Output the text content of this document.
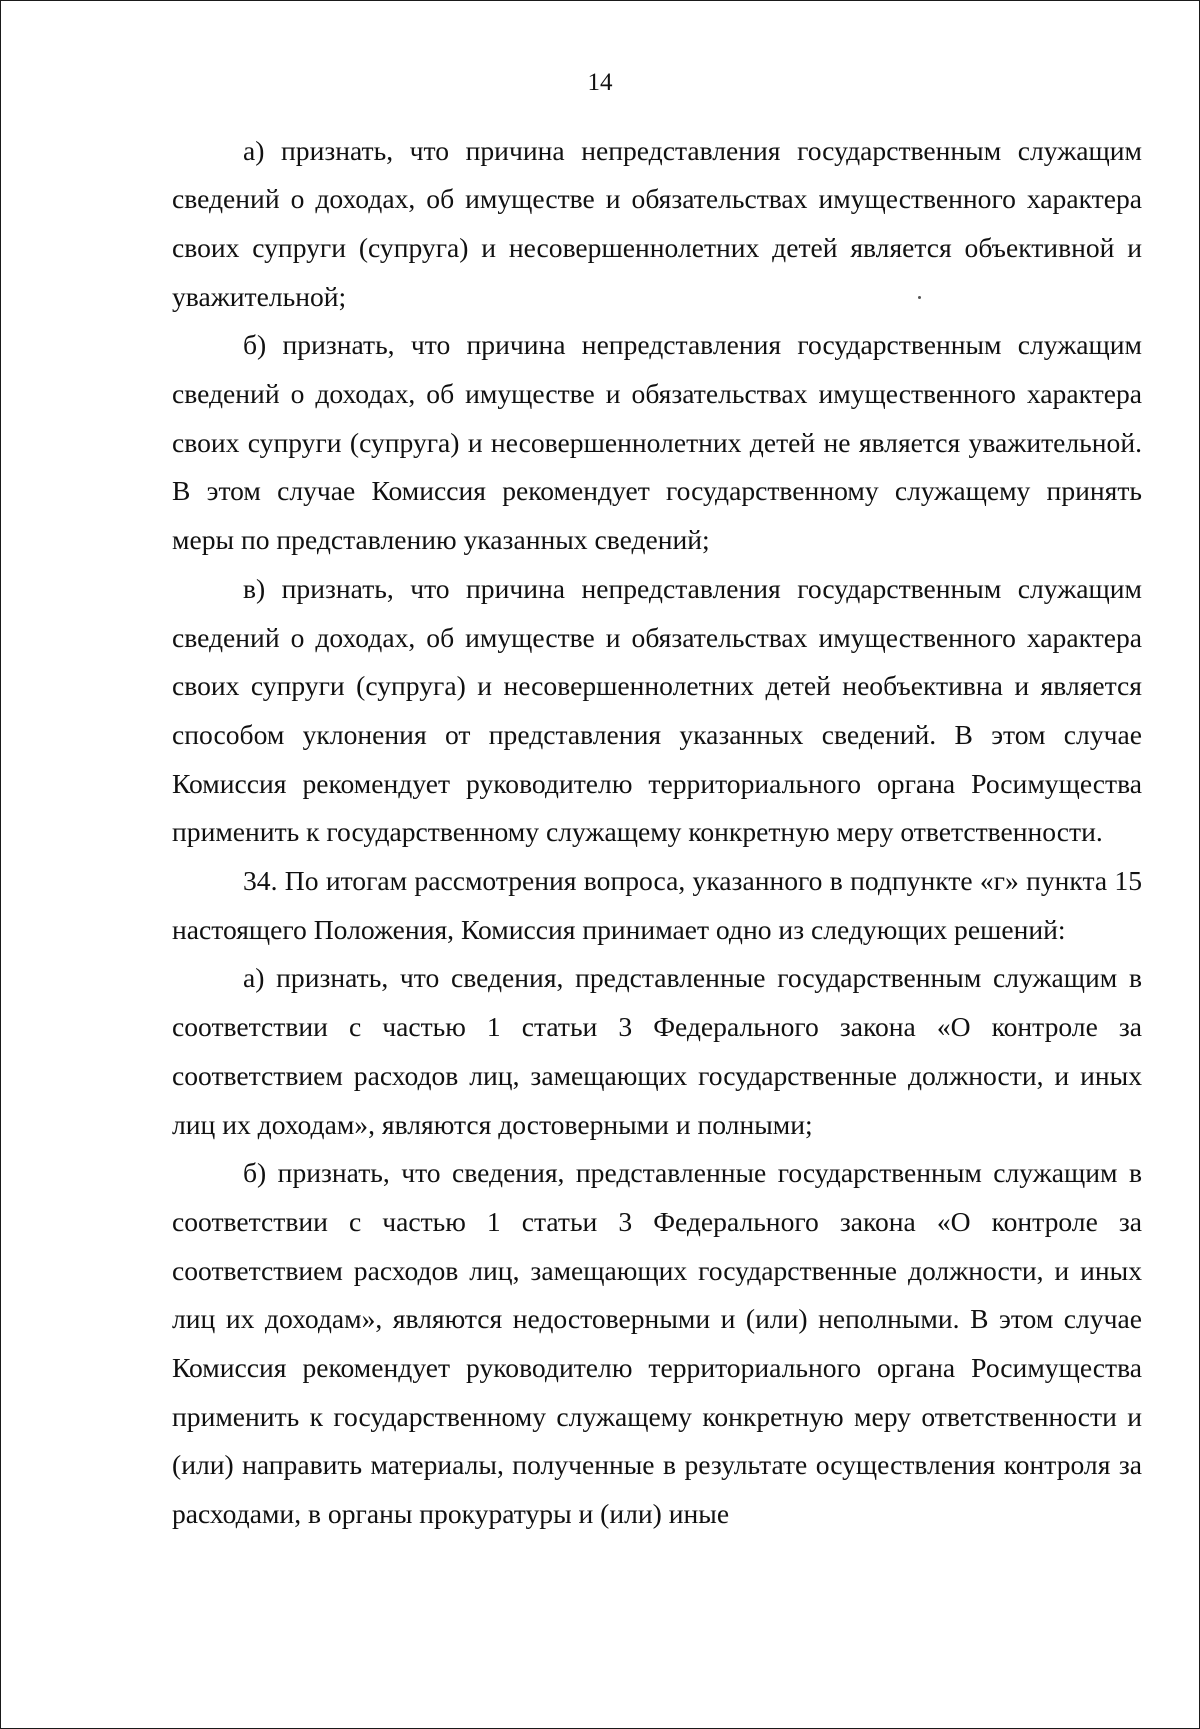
14

а) признать, что причина непредставления государственным служащим сведений о доходах, об имуществе и обязательствах имущественного характера своих супруги (супруга) и несовершеннолетних детей является объективной и уважительной;

б) признать, что причина непредставления государственным служащим сведений о доходах, об имуществе и обязательствах имущественного характера своих супруги (супруга) и несовершеннолетних детей не является уважительной. В этом случае Комиссия рекомендует государственному служащему принять меры по представлению указанных сведений;

в) признать, что причина непредставления государственным служащим сведений о доходах, об имуществе и обязательствах имущественного характера своих супруги (супруга) и несовершеннолетних детей необъективна и является способом уклонения от представления указанных сведений. В этом случае Комиссия рекомендует руководителю территориального органа Росимущества применить к государственному служащему конкретную меру ответственности.

34. По итогам рассмотрения вопроса, указанного в подпункте «г» пункта 15 настоящего Положения, Комиссия принимает одно из следующих решений:

а) признать, что сведения, представленные государственным служащим в соответствии с частью 1 статьи 3 Федерального закона «О контроле за соответствием расходов лиц, замещающих государственные должности, и иных лиц их доходам», являются достоверными и полными;

б) признать, что сведения, представленные государственным служащим в соответствии с частью 1 статьи 3 Федерального закона «О контроле за соответствием расходов лиц, замещающих государственные должности, и иных лиц их доходам», являются недостоверными и (или) неполными. В этом случае Комиссия рекомендует руководителю территориального органа Росимущества применить к государственному служащему конкретную меру ответственности и (или) направить материалы, полученные в результате осуществления контроля за расходами, в органы прокуратуры и (или) иные
